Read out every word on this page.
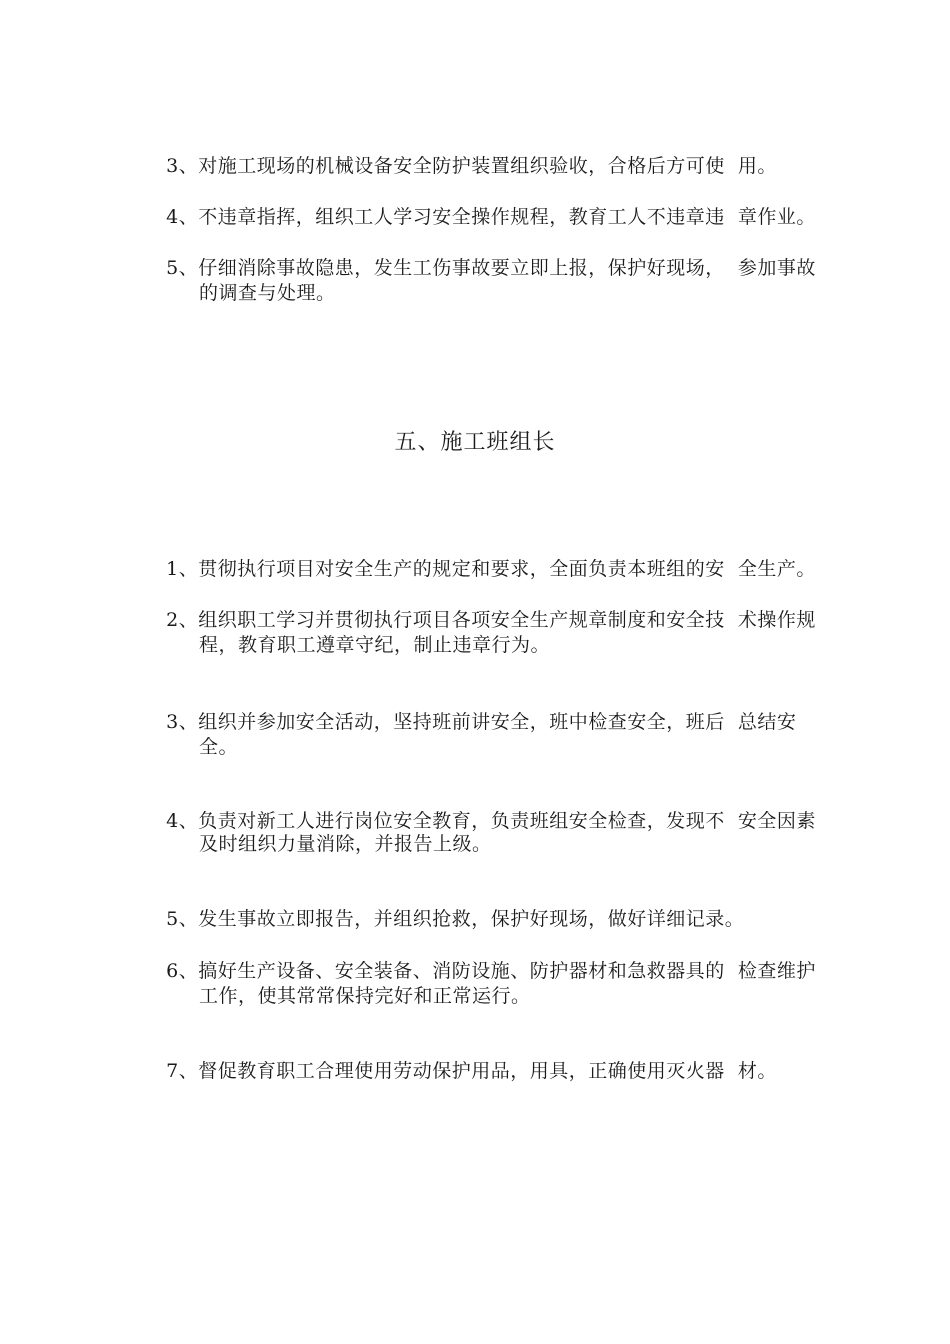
3、对施工现场的机械设备安全防护装置组织验收，合格后方可使  用。

4、不违章指挥，组织工人学习安全操作规程，教育工人不违章违  章作业。

5、仔细消除事故隐患，发生工伤事故要立即上报，保护好现场，  参加事故

的调查与处理。
五、施工班组长

1、贯彻执行项目对安全生产的规定和要求，全面负责本班组的安  全生产。

2、组织职工学习并贯彻执行项目各项安全生产规章制度和安全技  术操作规

程，教育职工遵章守纪，制止违章行为。

3、组织并参加安全活动，坚持班前讲安全，班中检查安全，班后  总结安

全。

4、负责对新工人进行岗位安全教育，负责班组安全检查，发现不  安全因素

及时组织力量消除，并报告上级。

5、发生事故立即报告，并组织抢救，保护好现场，做好详细记录。

6、搞好生产设备、安全装备、消防设施、防护器材和急救器具的  检查维护

工作，使其常常保持完好和正常运行。

7、督促教育职工合理使用劳动保护用品，用具，正确使用灭火器  材。
